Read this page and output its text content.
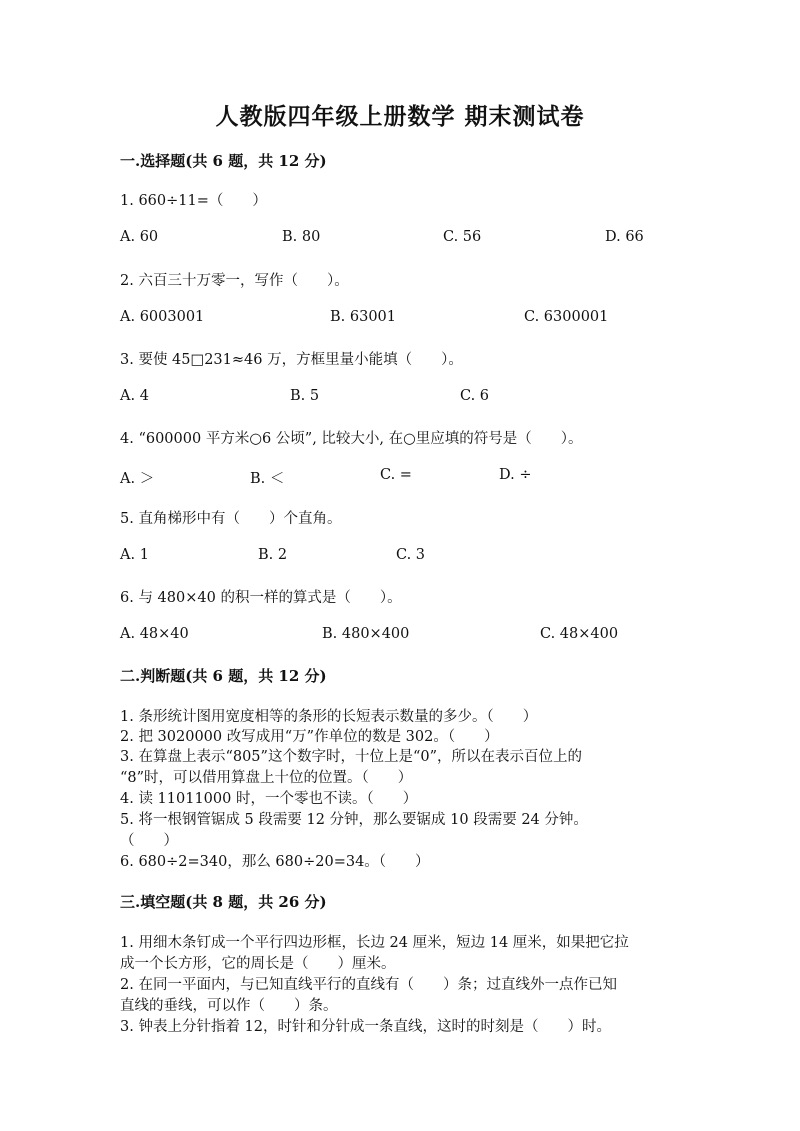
人教版四年级上册数学 期末测试卷
一.选择题(共 6 题，共 12 分)
1. 660÷11=（　　）
A. 60	B. 80	C. 56	D. 66
2. 六百三十万零一，写作（　　）。
A. 6003001	B. 63001	C. 6300001
3. 要使 45□231≈46 万，方框里量小能填（　　）。
A. 4	B. 5	C. 6
4. “600000 平方米○6 公顷”, 比较大小, 在○里应填的符号是（　　）。
A. ＞	B. ＜	C. =	D. ÷
5. 直角梯形中有（　　）个直角。
A. 1	B. 2	C. 3
6. 与 480×40 的积一样的算式是（　　）。
A. 48×40	B. 480×400	C. 48×400
二.判断题(共 6 题，共 12 分)
1. 条形统计图用宽度相等的条形的长短表示数量的多少。（　　）
2. 把 3020000 改写成用“万”作单位的数是 302。（　　）
3. 在算盘上表示“805”这个数字时，十位上是“0”，所以在表示百位上的
“8”时，可以借用算盘上十位的位置。（　　）
4. 读 11011000 时，一个零也不读。（　　）
5. 将一根钢管锯成 5 段需要 12 分钟，那么要锯成 10 段需要 24 分钟。
（　　）
6. 680÷2=340，那么 680÷20=34。（　　）
三.填空题(共 8 题，共 26 分)
1. 用细木条钉成一个平行四边形框，长边 24 厘米，短边 14 厘米，如果把它拉
成一个长方形，它的周长是（　　）厘米。
2. 在同一平面内，与已知直线平行的直线有（　　）条；过直线外一点作已知
直线的垂线，可以作（　　）条。
3. 钟表上分针指着 12，时针和分针成一条直线，这时的时刻是（　　）时。
